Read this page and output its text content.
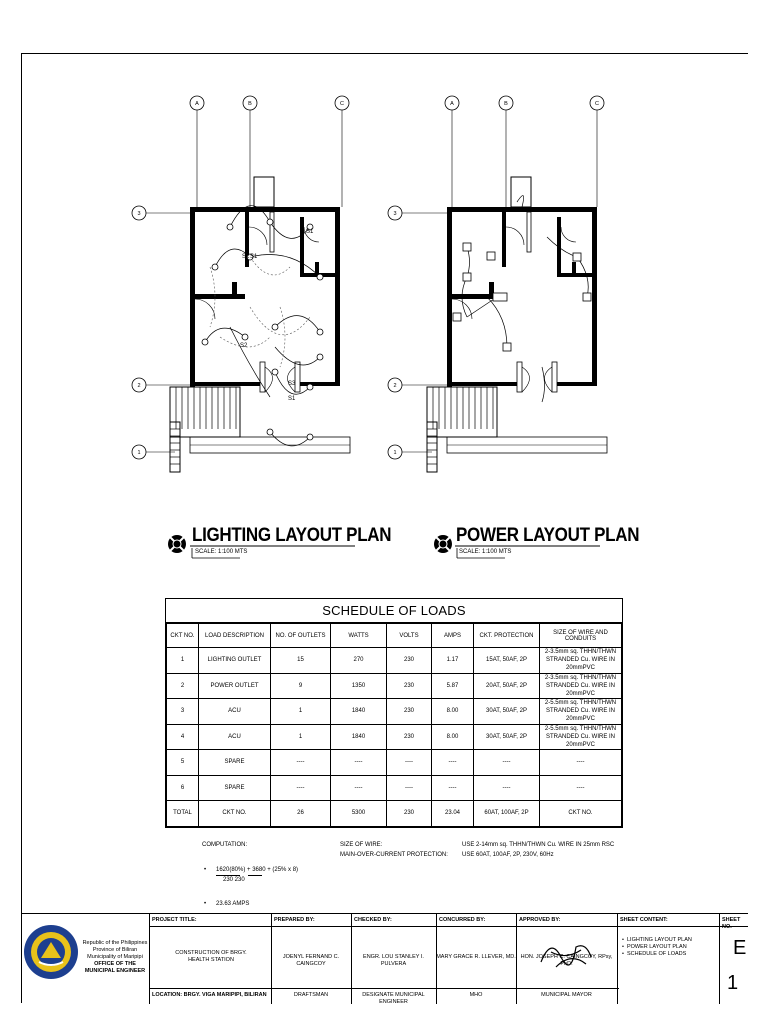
S1
S2 S1
S2
S3
S1
A	B	C
3
2
1
A	B	C
3
2
1
LIGHTING LAYOUT PLAN
SCALE: 1:100 MTS
POWER LAYOUT PLAN
SCALE: 1:100 MTS
SCHEDULE OF LOADS
CKT NO.	LOAD DESCRIPTION	NO. OF OUTLETS	WATTS	VOLTS	AMPS	CKT. PROTECTION	SIZE OF WIRE AND CONDUITS
1	LIGHTING OUTLET	15	270	230	1.17	15AT, 50AF, 2P	2-3.5mm sq. THHN/THWN STRANDED Cu. WIRE IN 20mmPVC
2	POWER OUTLET	9	1350	230	5.87	20AT, 50AF, 2P	2-3.5mm sq. THHN/THWN STRANDED Cu. WIRE IN 20mmPVC
3	ACU	1	1840	230	8.00	30AT, 50AF, 2P	2-5.5mm sq. THHN/THWN STRANDED Cu. WIRE IN 20mmPVC
4	ACU	1	1840	230	8.00	30AT, 50AF, 2P	2-5.5mm sq. THHN/THWN STRANDED Cu. WIRE IN 20mmPVC
5	SPARE	----	----	----	----	----	----
6	SPARE	----	----	----	----	----	----
TOTAL	CKT NO.	26	5300	230	23.04	60AT, 100AF, 2P	CKT NO.
COMPUTATION:
• 1620(80%) + 3680 + (25% x 8)
230 230
• 23.63 AMPS
SIZE OF WIRE:
MAIN-OVER-CURRENT PROTECTION:
USE 2-14mm sq. THHN/THWN Cu. WIRE IN 25mm RSC
USE 60AT, 100AF, 2P, 230V, 60Hz
Republic of the Philippines
Province of Biliran
Municipality of Maripipi
OFFICE OF THE MUNICIPAL ENGINEER
PROJECT TITLE:
CONSTRUCTION OF BRGY. HEALTH STATION
LOCATION: BRGY. VIGA MARIPIPI, BILIRAN
PREPARED BY:
JOENYL FERNAND C. CAINGCOY
DRAFTSMAN
CHECKED BY:
ENGR. LOU STANLEY I. PULVERA
DESIGNATE MUNICIPAL ENGINEER
CONCURRED BY:
MARY GRACE R. LLEVER, MD.
MHO
APPROVED BY:
HON. JOSEPH C. CAINGCOY, RPsy, PhD.
MUNICIPAL MAYOR
SHEET CONTENT:
•  LIGHTING LAYOUT PLAN
•  POWER LAYOUT PLAN
•  SCHEDULE OF LOADS
SHEET NO.
E
1
